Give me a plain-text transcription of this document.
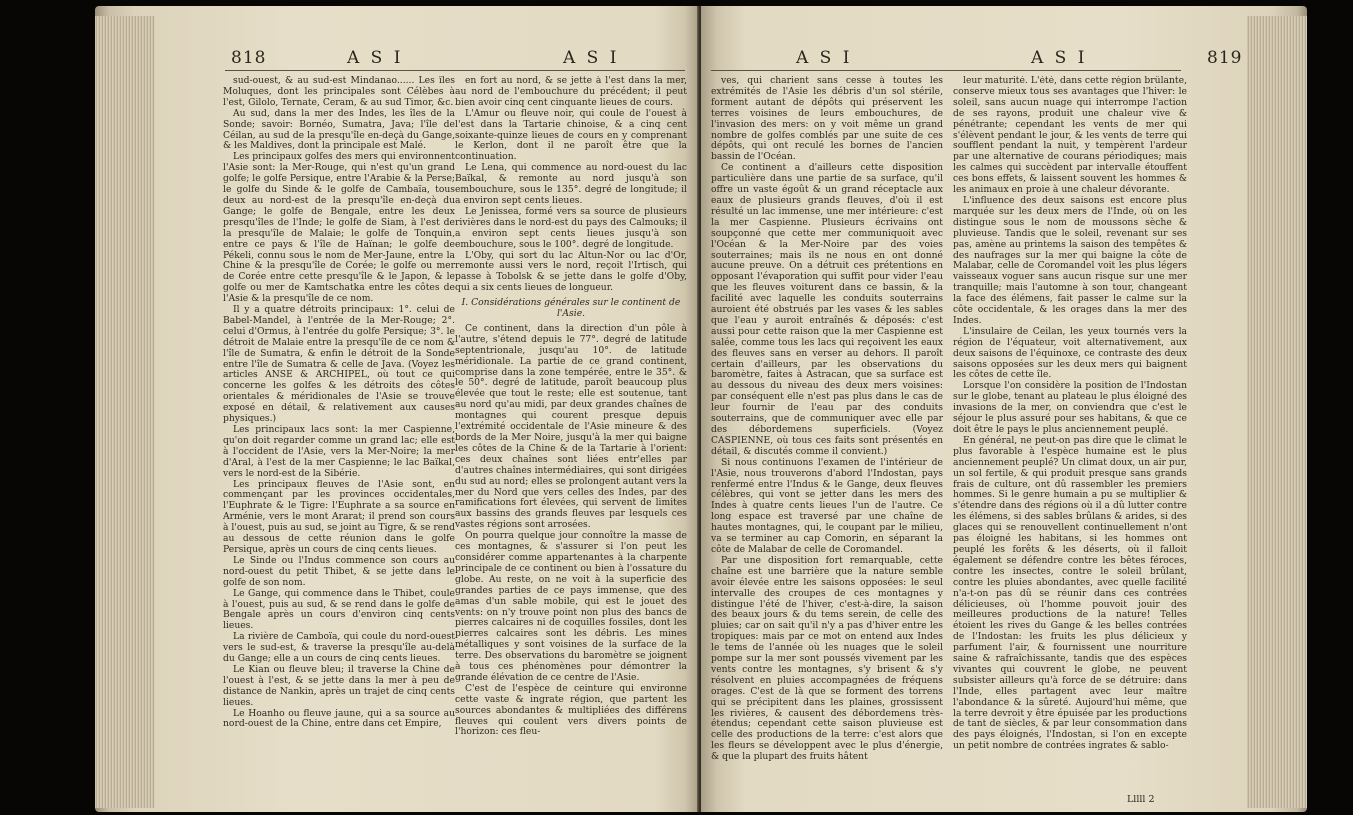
818	A S I	A S I

sud-ouest, & au sud-est Mindanao...... Les îles Moluques, dont les principales sont Célèbes à l'est, Gilolo, Ternate, Ceram, & au sud Timor, &c.

Au sud, dans la mer des Indes, les îles de la Sonde; savoir: Bornéo, Sumatra, Java; l'île de Céilan, au sud de la presqu'île en-deçà du Gange, & les Maldives, dont la principale est Malé.

Les principaux golfes des mers qui environnent l'Asie sont: la Mer-Rouge, qui n'est qu'un grand golfe; le golfe Persique, entre l'Arabie & la Perse; le golfe du Sinde & le golfe de Cambaïa, tous deux au nord-est de la presqu'île en-deçà du Gange; le golfe de Bengale, entre les deux presqu'îles de l'Inde; le golfe de Siam, à l'est de la presqu'île de Malaie; le golfe de Tonquin, entre ce pays & l'île de Haïnan; le golfe de Pékeli, connu sous le nom de Mer-Jaune, entre la Chine & la presqu'île de Corée; le golfe ou mer de Corée entre cette presqu'île & le Japon, & le golfe ou mer de Kamtschatka entre les côtes de l'Asie & la presqu'île de ce nom.

Il y a quatre détroits principaux: 1°. celui de Babel-Mandel, à l'entrée de la Mer-Rouge; 2°. celui d'Ormus, à l'entrée du golfe Persique; 3°. le détroit de Malaie entre la presqu'île de ce nom & l'île de Sumatra, & enfin le détroit de la Sonde entre l'île de Sumatra & celle de Java. (Voyez les articles ANSE & ARCHIPEL, où tout ce qui concerne les golfes & les détroits des côtes orientales & méridionales de l'Asie se trouve exposé en détail, & relativement aux causes physiques.)

Les principaux lacs sont: la mer Caspienne, qu'on doit regarder comme un grand lac; elle est à l'occident de l'Asie, vers la Mer-Noire; la mer d'Aral, à l'est de la mer Caspienne; le lac Baïkal, vers le nord-est de la Sibérie.

Les principaux fleuves de l'Asie sont, en commençant par les provinces occidentales, l'Euphrate & le Tigre: l'Euphrate a sa source en Arménie, vers le mont Ararat; il prend son cours à l'ouest, puis au sud, se joint au Tigre, & se rend au dessous de cette réunion dans le golfe Persique, après un cours de cinq cents lieues.

Le Sinde ou l'Indus commence son cours au nord-ouest du petit Thibet, & se jette dans le golfe de son nom.

Le Gange, qui commence dans le Thibet, coule à l'ouest, puis au sud, & se rend dans le golfe de Bengale après un cours d'environ cinq cents lieues.

La rivière de Camboïa, qui coule du nord-ouest vers le sud-est, & traverse la presqu'île au-delà du Gange; elle a un cours de cinq cents lieues.

Le Kian ou fleuve bleu; il traverse la Chine de l'ouest à l'est, & se jette dans la mer à peu de distance de Nankin, après un trajet de cinq cents lieues.

Le Hoanho ou fleuve jaune, qui a sa source au nord-ouest de la Chine, entre dans cet Empire,

en fort au nord, & se jette à l'est dans la mer, au nord de l'embouchure du précédent; il peut bien avoir cinq cent cinquante lieues de cours.

L'Amur ou fleuve noir, qui coule de l'ouest à l'est dans la Tartarie chinoise, & a cinq cent soixante-quinze lieues de cours en y comprenant le Kerlon, dont il ne paroît être que la continuation.

Le Lena, qui commence au nord-ouest du lac Baïkal, & remonte au nord jusqu'à son embouchure, sous le 135°. degré de longitude; il a environ sept cents lieues.

Le Jenissea, formé vers sa source de plusieurs rivières dans le nord-est du pays des Calmouks; il a environ sept cents lieues jusqu'à son embouchure, sous le 100°. degré de longitude.

L'Oby, qui sort du lac Altun-Nor ou lac d'Or, remonte aussi vers le nord, reçoit l'Irtisch, qui passe à Tobolsk & se jette dans le golfe d'Oby, qui a six cents lieues de longueur.

I. Considérations générales sur le continent de l'Asie.

Ce continent, dans la direction d'un pôle à l'autre, s'étend depuis le 77°. degré de latitude septentrionale, jusqu'au 10°. de latitude méridionale. La partie de ce grand continent, comprise dans la zone tempérée, entre le 35°. & le 50°. degré de latitude, paroît beaucoup plus élevée que tout le reste; elle est soutenue, tant au nord qu'au midi, par deux grandes chaînes de montagnes qui courent presque depuis l'extrémité occidentale de l'Asie mineure & des bords de la Mer Noire, jusqu'à la mer qui baigne les côtes de la Chine & de la Tartarie à l'orient: ces deux chaînes sont liées entr'elles par d'autres chaînes intermédiaires, qui sont dirigées du sud au nord; elles se prolongent autant vers la mer du Nord que vers celles des Indes, par des ramifications fort élevées, qui servent de limites aux bassins des grands fleuves par lesquels ces vastes régions sont arrosées.

On pourra quelque jour connoître la masse de ces montagnes, & s'assurer si l'on peut les considérer comme appartenantes à la charpente principale de ce continent ou bien à l'ossature du globe. Au reste, on ne voit à la superficie des grandes parties de ce pays immense, que des amas d'un sable mobile, qui est le jouet des vents: on n'y trouve point non plus des bancs de pierres calcaires ni de coquilles fossiles, dont les pierres calcaires sont les débris. Les mines métalliques y sont voisines de la surface de la terre. Des observations du baromètre se joignent à tous ces phénomènes pour démontrer la grande élévation de ce centre de l'Asie.

C'est de l'espèce de ceinture qui environne cette vaste & ingrate région, que partent les sources abondantes & multipliées des différens fleuves qui coulent vers divers points de l'horizon: ces fleu-

A S I	A S I	819

ves, qui charient sans cesse à toutes les extrémités de l'Asie les débris d'un sol stérile, forment autant de dépôts qui préservent les terres voisines de leurs embouchures, de l'invasion des mers: on y voit même un grand nombre de golfes comblés par une suite de ces dépôts, qui ont reculé les bornes de l'ancien bassin de l'Océan.

Ce continent a d'ailleurs cette disposition particulière dans une partie de sa surface, qu'il offre un vaste égoût & un grand réceptacle aux eaux de plusieurs grands fleuves, d'où il est résulté un lac immense, une mer intérieure: c'est la mer Caspienne. Plusieurs écrivains ont soupçonné que cette mer communiquoit avec l'Océan & la Mer-Noire par des voies souterraines; mais ils ne nous en ont donné aucune preuve. On a détruit ces prétentions en opposant l'évaporation qui suffit pour vider l'eau que les fleuves voiturent dans ce bassin, & la facilité avec laquelle les conduits souterrains auroient été obstrués par les vases & les sables que l'eau y auroit entraînés & déposés: c'est aussi pour cette raison que la mer Caspienne est salée, comme tous les lacs qui reçoivent les eaux des fleuves sans en verser au dehors. Il paroît certain d'ailleurs, par les observations du baromètre, faites à Astracan, que sa surface est au dessous du niveau des deux mers voisines: par conséquent elle n'est pas plus dans le cas de leur fournir de l'eau par des conduits souterrains, que de communiquer avec elle par des débordemens superficiels. (Voyez CASPIENNE, où tous ces faits sont présentés en détail, & discutés comme il convient.)

Si nous continuons l'examen de l'intérieur de l'Asie, nous trouverons d'abord l'Indostan, pays renfermé entre l'Indus & le Gange, deux fleuves célèbres, qui vont se jetter dans les mers des Indes à quatre cents lieues l'un de l'autre. Ce long espace est traversé par une chaîne de hautes montagnes, qui, le coupant par le milieu, va se terminer au cap Comorin, en séparant la côte de Malabar de celle de Coromandel.

Par une disposition fort remarquable, cette chaîne est une barrière que la nature semble avoir élevée entre les saisons opposées: le seul intervalle des croupes de ces montagnes y distingue l'été de l'hiver, c'est-à-dire, la saison des beaux jours & du tems serein, de celle des pluies; car on sait qu'il n'y a pas d'hiver entre les tropiques: mais par ce mot on entend aux Indes le tems de l'année où les nuages que le soleil pompe sur la mer sont poussés vivement par les vents contre les montagnes, s'y brisent & s'y résolvent en pluies accompagnées de fréquens orages. C'est de là que se forment des torrens qui se précipitent dans les plaines, grossissent les rivières, & causent des débordemens très-étendus; cependant cette saison pluvieuse est celle des productions de la terre: c'est alors que les fleurs se développent avec le plus d'énergie, & que la plupart des fruits hâtent

leur maturité. L'été, dans cette région brûlante, conserve mieux tous ses avantages que l'hiver: le soleil, sans aucun nuage qui interrompe l'action de ses rayons, produit une chaleur vive & pénétrante; cependant les vents de mer qui s'élèvent pendant le jour, & les vents de terre qui soufflent pendant la nuit, y tempèrent l'ardeur par une alternative de courans périodiques; mais les calmes qui succèdent par intervalle étouffent ces bons effets, & laissent souvent les hommes & les animaux en proie à une chaleur dévorante.

L'influence des deux saisons est encore plus marquée sur les deux mers de l'Inde, où on les distingue sous le nom de moussons sèche & pluvieuse. Tandis que le soleil, revenant sur ses pas, amène au printems la saison des tempêtes & des naufrages sur la mer qui baigne la côte de Malabar, celle de Coromandel voit les plus légers vaisseaux voguer sans aucun risque sur une mer tranquille; mais l'automne à son tour, changeant la face des élémens, fait passer le calme sur la côte occidentale, & les orages dans la mer des Indes.

L'insulaire de Ceilan, les yeux tournés vers la région de l'équateur, voit alternativement, aux deux saisons de l'équinoxe, ce contraste des deux saisons opposées sur les deux mers qui baignent les côtes de cette île.

Lorsque l'on considère la position de l'Indostan sur le globe, tenant au plateau le plus éloigné des invasions de la mer, on conviendra que c'est le séjour le plus assuré pour ses habitans, & que ce doit être le pays le plus anciennement peuplé.

En général, ne peut-on pas dire que le climat le plus favorable à l'espèce humaine est le plus anciennement peuplé? Un climat doux, un air pur, un sol fertile, & qui produit presque sans grands frais de culture, ont dû rassembler les premiers hommes. Si le genre humain a pu se multiplier & s'étendre dans des régions où il a dû lutter contre les élémens, si des sables brûlans & arides, si des glaces qui se renouvellent continuellement n'ont pas éloigné les habitans, si les hommes ont peuplé les forêts & les déserts, où il falloit également se défendre contre les bêtes féroces, contre les insectes, contre le soleil brûlant, contre les pluies abondantes, avec quelle facilité n'a-t-on pas dû se réunir dans ces contrées délicieuses, où l'homme pouvoit jouir des meilleures productions de la nature! Telles étoient les rives du Gange & les belles contrées de l'Indostan: les fruits les plus délicieux y parfument l'air, & fournissent une nourriture saine & rafraîchissante, tandis que des espèces vivantes qui couvrent le globe, ne peuvent subsister ailleurs qu'à force de se détruire: dans l'Inde, elles partagent avec leur maître l'abondance & la sûreté. Aujourd'hui même, que la terre devroit y être épuisée par les productions de tant de siècles, & par leur consommation dans des pays éloignés, l'Indostan, si l'on en excepte un petit nombre de contrées ingrates & sablo-

Lllll 2
